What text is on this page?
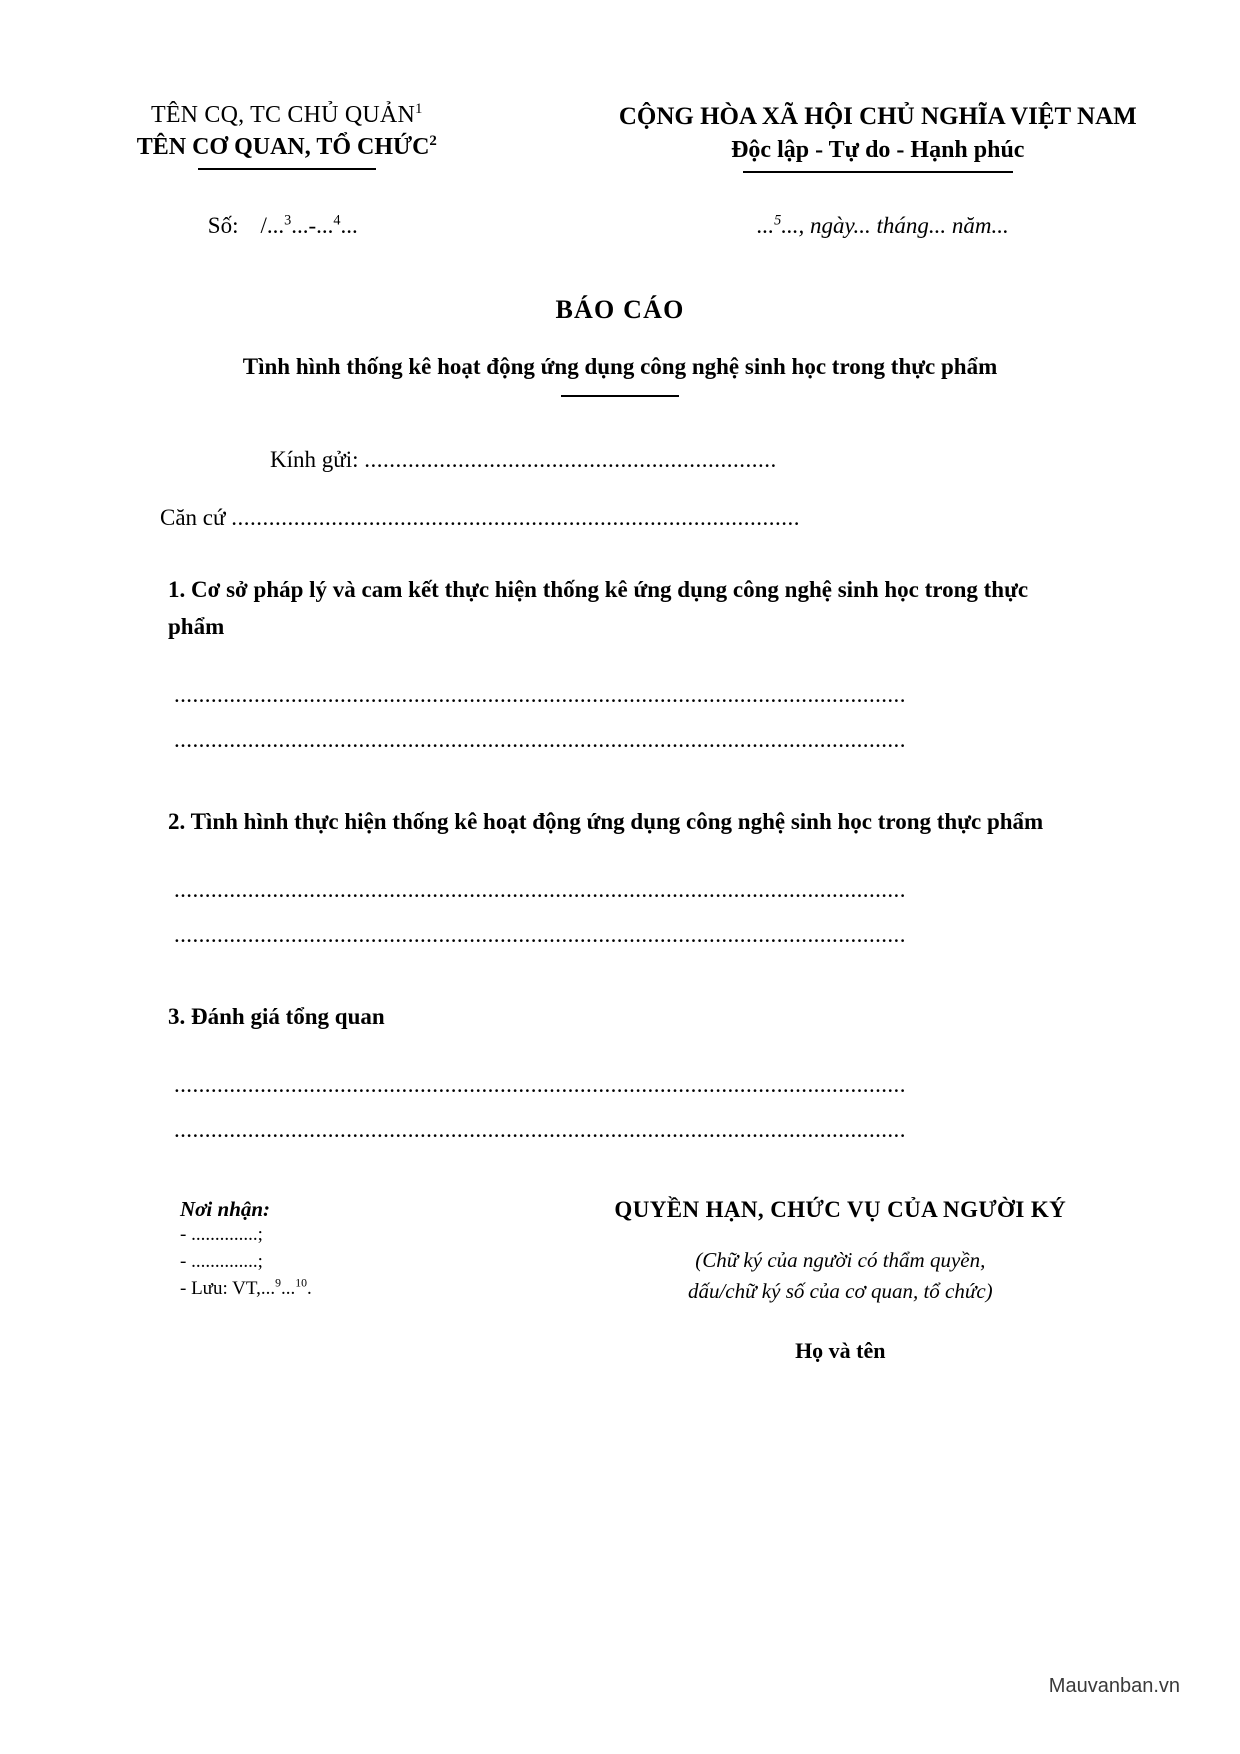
TÊN CQ, TC CHỦ QUẢN$^1$
TÊN CƠ QUAN, TỔ CHỨC$^2$
CỘNG HÒA XÃ HỘI CHỦ NGHĨA VIỆT NAM
Độc lập - Tự do - Hạnh phúc
Số: /...$^3$...-...$^4$...	...$^5$..., ngày... tháng... năm...
BÁO CÁO
Tình hình thống kê hoạt động ứng dụng công nghệ sinh học trong thực phẩm
Kính gửi: ..................................................................
Căn cứ ...........................................................................................
1. Cơ sở pháp lý và cam kết thực hiện thống kê ứng dụng công nghệ sinh học trong thực phẩm
.......................................................................................................................
.......................................................................................................................
2. Tình hình thực hiện thống kê hoạt động ứng dụng công nghệ sinh học trong thực phẩm
.......................................................................................................................
.......................................................................................................................
3. Đánh giá tổng quan
.......................................................................................................................
.......................................................................................................................
Nơi nhận:
- ..............;
- ..............;
- Lưu: VT,...$^9$...$^{10}$.
QUYỀN HẠN, CHỨC VỤ CỦA NGƯỜI KÝ
(Chữ ký của người có thẩm quyền,
dấu/chữ ký số của cơ quan, tổ chức)
Họ và tên
Mauvanban.vn
